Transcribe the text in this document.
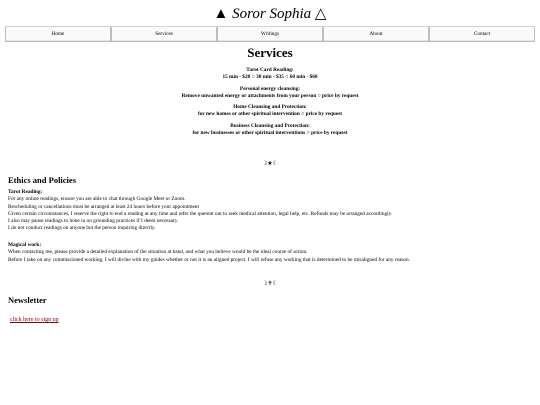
▲ Soror Sophia △
Home	Services	Writings	About	Contact
Services
Tarot Card Reading:
15 min - $20 ○ 30 min - $35 ○ 60 min - $60
Personal energy cleansing:
Remove unwanted energy or attachments from your person ○ price by request
Home Cleansing and Protection:
for new homes or other spiritual intervention ○ price by request
Business Cleansing and Protection:
for new businesses or other spiritual interventions ○ price by request
☽★☾
Ethics and Policies
Tarot Reading:
For any online readings, ensure you are able to chat through Google Meet or Zoom.
Rescheduling or cancellations must be arranged at least 24 hours before your appointment
Given certain circumstances, I reserve the right to end a reading at any time and refer the querent out to seek medical attention, legal help, etc. Refunds may be arranged accordingly.
I also may pause readings to hone in on grounding practices if I deem necessary.
I do not conduct readings on anyone but the person inquiring directly.
Magical work:
When contacting me, please provide a detailed explanation of the situation at hand, and what you believe would be the ideal course of action.
Before I take on any commissioned working, I will divine with my guides whether or not it is an aligned project. I will refuse any working that is determined to be misaligned for any reason.
☽✝☾
Newsletter
click here to sign up
